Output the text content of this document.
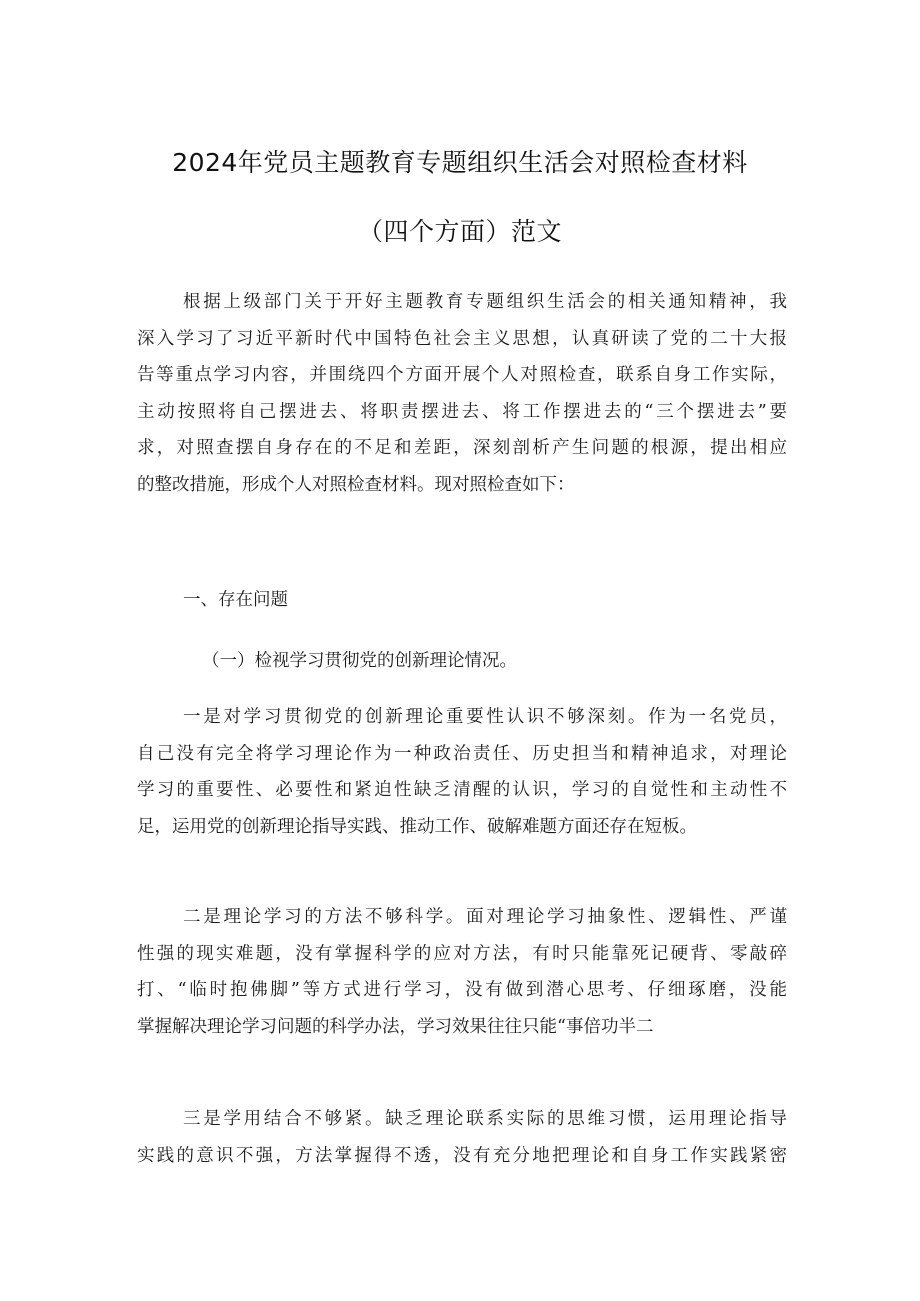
2024年党员主题教育专题组织生活会对照检查材料
（四个方面）范文
根据上级部门关于开好主题教育专题组织生活会的相关通知精神，我
深入学习了习近平新时代中国特色社会主义思想，认真研读了党的二十大报
告等重点学习内容，并围绕四个方面开展个人对照检查，联系自身工作实际，
主动按照将自己摆进去、将职责摆进去、将工作摆进去的“三个摆进去”要
求，对照查摆自身存在的不足和差距，深刻剖析产生问题的根源，提出相应
的整改措施，形成个人对照检查材料。现对照检查如下：
一、存在问题
（一）检视学习贯彻党的创新理论情况。
一是对学习贯彻党的创新理论重要性认识不够深刻。作为一名党员，
自己没有完全将学习理论作为一种政治责任、历史担当和精神追求，对理论
学习的重要性、必要性和紧迫性缺乏清醒的认识，学习的自觉性和主动性不
足，运用党的创新理论指导实践、推动工作、破解难题方面还存在短板。
二是理论学习的方法不够科学。面对理论学习抽象性、逻辑性、严谨
性强的现实难题，没有掌握科学的应对方法，有时只能靠死记硬背、零敲碎
打、“临时抱佛脚”等方式进行学习，没有做到潜心思考、仔细琢磨，没能
掌握解决理论学习问题的科学办法，学习效果往往只能“事倍功半二
三是学用结合不够紧。缺乏理论联系实际的思维习惯，运用理论指导
实践的意识不强，方法掌握得不透，没有充分地把理论和自身工作实践紧密
